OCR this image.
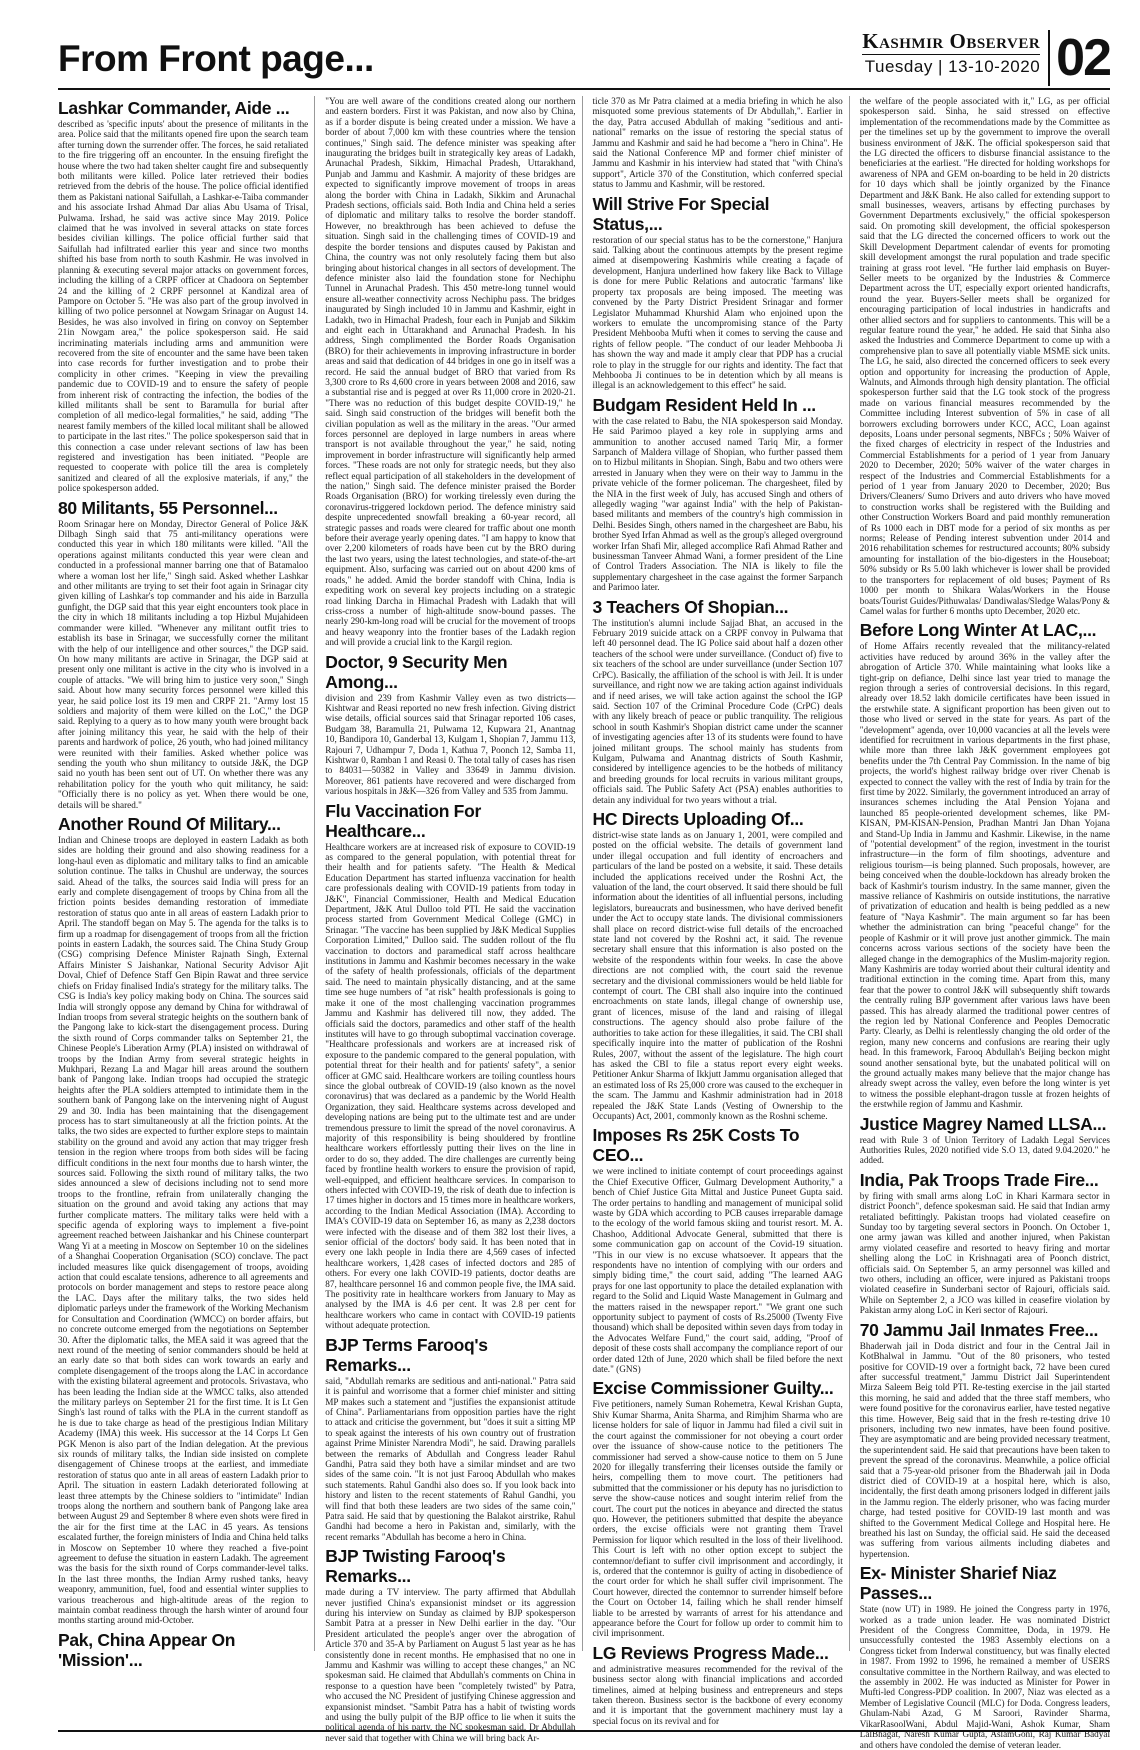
From Front page...	Kashmir Observer
Tuesday | 13-10-2020 02
Lashkar Commander, Aide ...

described as 'specific inputs' about the presence of militants in the area. Police said that the militants opened fire upon the search team after turning down the surrender offer. The forces, he said retaliated to the fire triggering off an encounter. In the ensuing firefight the house where the two had taken shelter caught fire and subsequently both militants were killed. Police later retrieved their bodies retrieved from the debris of the house. The police official identified them as Pakistani national Saifullah, a Lashkar-e-Taiba commander and his associate Irshad Ahmad Dar alias Abu Usama of Trisal, Pulwama. Irshad, he said was active since May 2019. Police claimed that he was involved in several attacks on state forces besides civilian killings. The police official further said that Saifullah had infiltrated earlier this year and since two months shifted his base from north to south Kashmir. He was involved in planning & executing several major attacks on government forces, including the killing of a CRPF officer at Chadoora on September 24 and the killing of 2 CRPF personnel at Kandizal area of Pampore on October 5. "He was also part of the group involved in killing of two police personnel at Nowgam Srinagar on August 14. Besides, he was also involved in firing on convoy on September 21in Nowgam area," the police spokesperson said. He said incriminating materials including arms and ammunition were recovered from the site of encounter and the same have been taken into case records for further investigation and to probe their complicity in other crimes. "Keeping in view the prevailing pandemic due to COVID-19 and to ensure the safety of people from inherent risk of contracting the infection, the bodies of the killed militants shall be sent to Baramulla for burial after completion of all medico-legal formalities," he said, adding "The nearest family members of the killed local militant shall be allowed to participate in the last rites." The police spokesperson said that in this connection a case under relevant sections of law has been registered and investigation has been initiated. "People are requested to cooperate with police till the area is completely sanitized and cleared of all the explosive materials, if any," the police spokesperson added.

80 Militants, 55 Personnel...

Room Srinagar here on Monday, Director General of Police J&K Dilbagh Singh said that 75 anti-militancy operations were conducted this year in which 180 militants were killed. "All the operations against militants conducted this year were clean and conducted in a professional manner barring one that of Batamaloo where a woman lost her life," Singh said. Asked whether Lashkar and other militants are trying to set their foot again in Srinagar city given killing of Lashkar's top commander and his aide in Barzulla gunfight, the DGP said that this year eight encounters took place in the city in which 18 militants including a top Hizbul Mujahideen commander were killed. "Whenever any militant outfit tries to establish its base in Srinagar, we successfully corner the militant with the help of our intelligence and other sources," the DGP said. On how many militants are active in Srinagar, the DGP said at present only one militant is active in the city who is involved in a couple of attacks. "We will bring him to justice very soon," Singh said. About how many security forces personnel were killed this year, he said police lost its 19 men and CRPF 21. "Army lost 15 soldiers and majority of them were killed on the LoC," the DGP said. Replying to a query as to how many youth were brought back after joining militancy this year, he said with the help of their parents and hardwork of police, 26 youth, who had joined militancy were reunited with their families. Asked whether police was sending the youth who shun militancy to outside J&K, the DGP said no youth has been sent out of UT. On whether there was any rehabilitation policy for the youth who quit militancy, he said: "Officially there is no policy as yet. When there would be one, details will be shared."

Another Round Of Military...

Indian and Chinese troops are deployed in eastern Ladakh as both sides are holding their ground and also showing readiness for a long-haul even as diplomatic and military talks to find an amicable solution continue. The talks in Chushul are underway, the sources said. Ahead of the talks, the sources said India will press for an early and complete disengagement of troops by China from all the friction points besides demanding restoration of immediate restoration of status quo ante in all areas of eastern Ladakh prior to April. The standoff began on May 5. The agenda for the talks is to firm up a roadmap for disengagement of troops from all the friction points in eastern Ladakh, the sources said. The China Study Group (CSG) comprising Defence Minister Rajnath Singh, External Affairs Minister S Jaishankar, National Security Advisor Ajit Doval, Chief of Defence Staff Gen Bipin Rawat and three service chiefs on Friday finalised India's strategy for the military talks. The CSG is India's key policy making body on China. The sources said India will strongly oppose any demand by China for withdrawal of Indian troops from several strategic heights on the southern bank of the Pangong lake to kick-start the disengagement process. During the sixth round of Corps commander talks on September 21, the Chinese People's Liberation Army (PLA) insisted on withdrawal of troops by the Indian Army from several strategic heights in Mukhpari, Rezang La and Magar hill areas around the southern bank of Pangong lake. Indian troops had occupied the strategic heights after the PLA soldiers attempted to intimidate them in the southern bank of Pangong lake on the intervening night of August 29 and 30. India has been maintaining that the disengagement process has to start simultaneously at all the friction points. At the talks, the two sides are expected to further explore steps to maintain stability on the ground and avoid any action that may trigger fresh tension in the region where troops from both sides will be facing difficult conditions in the next four months due to harsh winter, the sources said. Following the sixth round of military talks, the two sides announced a slew of decisions including not to send more troops to the frontline, refrain from unilaterally changing the situation on the ground and avoid taking any actions that may further complicate matters. The military talks were held with a specific agenda of exploring ways to implement a five-point agreement reached between Jaishankar and his Chinese counterpart Wang Yi at a meeting in Moscow on September 10 on the sidelines of a Shanghai Cooperation Organisation (SCO) conclave. The pact included measures like quick disengagement of troops, avoiding action that could escalate tensions, adherence to all agreements and protocols on border management and steps to restore peace along the LAC. Days after the military talks, the two sides held diplomatic parleys under the framework of the Working Mechanism for Consultation and Coordination (WMCC) on border affairs, but no concrete outcome emerged from the negotiations on September 30. After the diplomatic talks, the MEA said it was agreed that the next round of the meeting of senior commanders should be held at an early date so that both sides can work towards an early and complete disengagement of the troops along the LAC in accordance with the existing bilateral agreement and protocols. Srivastava, who has been leading the Indian side at the WMCC talks, also attended the military parleys on September 21 for the first time. It is Lt Gen Singh's last round of talks with the PLA in the current standoff as he is due to take charge as head of the prestigious Indian Military Academy (IMA) this week. His successor at the 14 Corps Lt Gen PGK Menon is also part of the Indian delegation. At the previous six rounds of military talks, the Indian side insisted on complete disengagement of Chinese troops at the earliest, and immediate restoration of status quo ante in all areas of eastern Ladakh prior to April. The situation in eastern Ladakh deteriorated following at least three attempts by the Chinese soldiers to "intimidate" Indian troops along the northern and southern bank of Pangong lake area between August 29 and September 8 where even shots were fired in the air for the first time at the LAC in 45 years. As tensions escalated further, the foreign ministers of India and China held talks in Moscow on September 10 where they reached a five-point agreement to defuse the situation in eastern Ladakh. The agreement was the basis for the sixth round of Corps commander-level talks. In the last three months, the Indian Army rushed tanks, heavy weaponry, ammunition, fuel, food and essential winter supplies to various treacherous and high-altitude areas of the region to maintain combat readiness through the harsh winter of around four months starting around mid-October.

Pak, China Appear On 'Mission'...

"You are well aware of the conditions created along our northern and eastern borders. First it was Pakistan, and now also by China, as if a border dispute is being created under a mission. We have a border of about 7,000 km with these countries where the tension continues," Singh said. The defence minister was speaking after inaugurating the bridges built in strategically key areas of Ladakh, Arunachal Pradesh, Sikkim, Himachal Pradesh, Uttarakhand, Punjab and Jammu and Kashmir. A majority of these bridges are expected to significantly improve movement of troops in areas along the border with China in Ladakh, Sikkim and Arunachal Pradesh sections, officials said. Both India and China held a series of diplomatic and military talks to resolve the border standoff. However, no breakthrough has been achieved to defuse the situation. Singh said in the challenging times of COVID-19 and despite the border tensions and disputes caused by Pakistan and China, the country was not only resolutely facing them but also bringing about historical changes in all sectors of development. The defence minister also laid the foundation stone for Nechiphu Tunnel in Arunachal Pradesh. This 450 metre-long tunnel would ensure all-weather connectivity across Nechiphu pass. The bridges inaugurated by Singh included 10 in Jammu and Kashmir, eight in Ladakh, two in Himachal Pradesh, four each in Punjab and Sikkim and eight each in Uttarakhand and Arunachal Pradesh. In his address, Singh complimented the Border Roads Organisation (BRO) for their achievements in improving infrastructure in border areas and said that dedication of 44 bridges in one go in itself was a record. He said the annual budget of BRO that varied from Rs 3,300 crore to Rs 4,600 crore in years between 2008 and 2016, saw a substantial rise and is pegged at over Rs 11,000 crore in 2020-21. "There was no reduction of this budget despite COVID-19," he said. Singh said construction of the bridges will benefit both the civilian population as well as the military in the areas. "Our armed forces personnel are deployed in large numbers in areas where transport is not available throughout the year," he said, noting improvement in border infrastructure will significantly help armed forces. "These roads are not only for strategic needs, but they also reflect equal participation of all stakeholders in the development of the nation," Singh said. The defence minister praised the Border Roads Organisation (BRO) for working tirelessly even during the coronavirus-triggered lockdown period. The defence ministry said despite unprecedented snowfall breaking a 60-year record, all strategic passes and roads were cleared for traffic about one month before their average yearly opening dates. "I am happy to know that over 2,200 kilometers of roads have been cut by the BRO during the last two years, using the latest technologies, and state-of-the-art equipment. Also, surfacing was carried out on about 4200 kms of roads," he added. Amid the border standoff with China, India is expediting work on several key projects including on a strategic road linking Darcha in Himachal Pradesh with Ladakh that will criss-cross a number of high-altitude snow-bound passes. The nearly 290-km-long road will be crucial for the movement of troops and heavy weaponry into the frontier bases of the Ladakh region and will provide a crucial link to the Kargil region.

Doctor, 9 Security Men Among...

division and 239 from Kashmir Valley even as two districts— Kishtwar and Reasi reported no new fresh infection. Giving district wise details, official sources said that Srinagar reported 106 cases, Budgam 38, Baramulla 21, Pulwama 12, Kupwara 21, Anantnag 10, Bandipora 10, Ganderbal 13, Kulgam 1, Shopian 7, Jammu 113, Rajouri 7, Udhampur 7, Doda 1, Kathua 7, Poonch 12, Samba 11, Kishtwar 0, Ramban 1 and Reasi 0. The total tally of cases has risen to 84031—50382 in Valley and 33649 in Jammu division. Moreover, 861 patients have recovered and were discharged from various hospitals in J&K—326 from Valley and 535 from Jammu.

Flu Vaccination For Healthcare...

Healthcare workers are at increased risk of exposure to COVID-19 as compared to the general population, with potential threat for their health and for patients safety. "The Health & Medical Education Department has started influenza vaccination for health care professionals dealing with COVID-19 patients from today in J&K", Financial Commissioner, Health and Medical Education Department, J&K Atul Dulloo told PTI. He said the vaccination process started from Government Medical College (GMC) in Srinagar. "The vaccine has been supplied by J&K Medical Supplies Corporation Limited," Dulloo said. The sudden rollout of the flu vaccination to doctors and paramedical staff across healthcare institutions in Jammu and Kashmir becomes necessary in the wake of the safety of health professionals, officials of the department said. The need to maintain physically distancing, and at the same time see huge numbers of "at risk" health professionals is going to make it one of the most challenging vaccination programmes Jammu and Kashmir has delivered till now, they added. The officials said the doctors, paramedics and other staff of the health institutes will have to go through suboptimal vaccination coverage. "Healthcare professionals and workers are at increased risk of exposure to the pandemic compared to the general population, with potential threat for their health and for patients' safety", a senior officer at GMC said. Healthcare workers are toiling countless hours since the global outbreak of COVID-19 (also known as the novel coronavirus) that was declared as a pandemic by the World Health Organization, they said. Healthcare systems across developed and developing nations are being put to the ultimate test and are under tremendous pressure to limit the spread of the novel coronavirus. A majority of this responsibility is being shouldered by frontline healthcare workers effortlessly putting their lives on the line in order to do so, they added. The dire challenges are currently being faced by frontline health workers to ensure the provision of rapid, well-equipped, and efficient healthcare services. In comparison to others infected with COVID-19, the risk of death due to infection is 17 times higher in doctors and 15 times more in healthcare workers, according to the Indian Medical Association (IMA). According to IMA's COVID-19 data on September 16, as many as 2,238 doctors were infected with the disease and of them 382 lost their lives, a senior official of the doctors' body said. It has been noted that in every one lakh people in India there are 4,569 cases of infected healthcare workers, 1,428 cases of infected doctors and 285 of others. For every one lakh COVID-19 patients, doctor deaths are 87, healthcare personnel 16 and common people five, the IMA said. The positivity rate in healthcare workers from January to May as analysed by the IMA is 4.6 per cent. It was 2.8 per cent for healthcare workers who came in contact with COVID-19 patients without adequate protection.

BJP Terms Farooq's Remarks...

said, "Abdullah remarks are seditious and anti-national." Patra said it is painful and worrisome that a former chief minister and sitting MP makes such a statement and "justifies the expansionist attitude of China". Parliamentarians from opposition parties have the right to attack and criticise the government, but "does it suit a sitting MP to speak against the interests of his own country out of frustration against Prime Minister Narendra Modi", he said. Drawing parallels between the remarks of Abdullah and Congress leader Rahul Gandhi, Patra said they both have a similar mindset and are two sides of the same coin. "It is not just Farooq Abdullah who makes such statements. Rahul Gandhi also does so. If you look back into history and listen to the recent statements of Rahul Gandhi, you will find that both these leaders are two sides of the same coin," Patra said. He said that by questioning the Balakot airstrike, Rahul Gandhi had become a hero in Pakistan and, similarly, with the recent remarks "Abdullah has become a hero in China.

BJP Twisting Farooq's Remarks...

made during a TV interview. The party affirmed that Abdullah never justified China's expansionist mindset or its aggression during his interview on Sunday as claimed by BJP spokesperson Sambit Patra at a presser in New Delhi earlier in the day. "Our President articulated the people's anger over the abrogation of Article 370 and 35-A by Parliament on August 5 last year as he has consistently done in recent months. He emphasised that no one in Jammu and Kashmir was willing to accept these changes," an NC spokesman said. He claimed that Abdullah's comments on China in response to a question have been "completely twisted" by Patra, who accused the NC President of justifying Chinese aggression and expansionist mindset. "Sambit Patra has a habit of twisting words and using the bully pulpit of the BJP office to lie when it suits the political agenda of his party, the NC spokesman said. Dr Abdullah never said that together with China we will bring back Ar-

ticle 370 as Mr Patra claimed at a media briefing in which he also misquoted some previous statements of Dr Abdullah,". Earlier in the day, Patra accused Abdullah of making "seditious and anti-national" remarks on the issue of restoring the special status of Jammu and Kashmir and said he had become a "hero in China". He said the National Conference MP and former chief minister of Jammu and Kashmir in his interview had stated that "with China's support", Article 370 of the Constitution, which conferred special status to Jammu and Kashmir, will be restored.

Will Strive For Special Status,...

restoration of our special status has to be the cornerstone," Hanjura said. Talking about the continuous attempts by the present regime aimed at disempowering Kashmiris while creating a façade of development, Hanjura underlined how fakery like Back to Village is done for mere Public Relations and autocratic 'farmans' like property tax proposals are being imposed. The meeting was convened by the Party District President Srinagar and former Legislator Muhammad Khurshid Alam who enjoined upon the workers to emulate the uncompromising stance of the Party President Mehbooba Mufti when it comes to serving the cause and rights of fellow people. "The conduct of our leader Mehbooba Ji has shown the way and made it amply clear that PDP has a crucial role to play in the struggle for our rights and identity. The fact that Mehbooba Ji continues to be in detention which by all means is illegal is an acknowledgement to this effect" he said.

Budgam Resident Held In ...

with the case related to Babu, the NIA spokesperson said Monday. He said Parimoo played a key role in supplying arms and ammunition to another accused named Tariq Mir, a former Sarpanch of Maldera village of Shopian, who further passed them on to Hizbul militants in Shopian. Singh, Babu and two others were arrested in January when they were on their way to Jammu in the private vehicle of the former policeman. The chargesheet, filed by the NIA in the first week of July, has accused Singh and others of allegedly waging "war against India" with the help of Pakistan-based militants and members of the country's high commission in Delhi. Besides Singh, others named in the chargesheet are Babu, his brother Syed Irfan Ahmad as well as the group's alleged overground worker Irfan Shafi Mir, alleged accomplice Rafi Ahmad Rather and businessman Tanveer Ahmad Wani, a former president of the Line of Control Traders Association. The NIA is likely to file the supplementary chargesheet in the case against the former Sarpanch and Parimoo later.

3 Teachers Of Shopian...

The institution's alumni include Sajjad Bhat, an accused in the February 2019 suicide attack on a CRPF convoy in Pulwama that left 40 personnel dead. The IG Police said about half a dozen other teachers of the school were under surveillance. (Conduct of) five to six teachers of the school are under surveillance (under Section 107 CrPC). Basically, the affiliation of the school is with Jeil. It is under surveillance, and right now we are taking action against individuals and if need arises, we will take action against the school the IGP said. Section 107 of the Criminal Procedure Code (CrPC) deals with any likely breach of peace or public tranquility. The religious school in south Kashmir's Shopian district came under the scanner of investigating agencies after 13 of its students were found to have joined militant groups. The school mainly has students from Kulgam, Pulwama and Anantnag districts of South Kashmir, considered by intelligence agencies to be the hotbeds of militancy and breeding grounds for local recruits in various militant groups, officials said. The Public Safety Act (PSA) enables authorities to detain any individual for two years without a trial.

HC Directs Uploading Of...

district-wise state lands as on January 1, 2001, were compiled and posted on the official website. The details of government land under illegal occupation and full identity of encroachers and particulars of the land be posted on a website, it said. These details included the applications received under the Roshni Act, the valuation of the land, the court observed. It said there should be full information about the identities of all influential persons, including legislators, bureaucrats and businessmen, who have derived benefit under the Act to occupy state lands. The divisional commissioners shall place on record district-wise full details of the encroached state land not covered by the Roshni act, it said. The revenue secretary shall ensure that this information is also posted on the website of the respondents within four weeks. In case the above directions are not complied with, the court said the revenue secretary and the divisional commissioners would be held liable for contempt of court. The CBI shall also inquire into the continued encroachments on state lands, illegal change of ownership use, grant of licences, misuse of the land and raising of illegal constructions. The agency should also probe failure of the authorities to take action for these illegalities, it said. The CBI shall specifically inquire into the matter of publication of the Roshni Rules, 2007, without the assent of the legislature. The high court has asked the CBI to file a status report every eight weeks. Petitioner Ankur Sharma of Ikkjutt Jammu organisation alleged that an estimated loss of Rs 25,000 crore was caused to the exchequer in the scam. The Jammu and Kashmir administration had in 2018 repealed the J&K State Lands (Vesting of Ownership to the Occupants) Act, 2001, commonly known as the Roshni scheme.

Imposes Rs 25K Costs To CEO...

we were inclined to initiate contempt of court proceedings against the Chief Executive Officer, Gulmarg Development Authority," a bench of Chief Justice Gita Mittal and Justice Puneet Gupta said. The order pertains to handling and management of municipal solid waste by GDA which according to PCB causes irreparable damage to the ecology of the world famous skiing and tourist resort. M. A. Chashoo, Additional Advocate General, submitted that there is some communication gap on account of the Covid-19 situation. "This in our view is no excuse whatsoever. It appears that the respondents have no intention of complying with our orders and simply biding time," the court said, adding "The learned AAG prays for one last opportunity to place the detailed explanation with regard to the Solid and Liquid Waste Management in Gulmarg and the matters raised in the newspaper report." "We grant one such opportunity subject to payment of costs of Rs.25000 (Twenty Five thousand) which shall be deposited within seven days from today in the Advocates Welfare Fund," the court said, adding, "Proof of deposit of these costs shall accompany the compliance report of our order dated 12th of June, 2020 which shall be filed before the next date." (GNS)

Excise Commissioner Guilty...

Five petitioners, namely Suman Rohemetra, Kewal Krishan Gupta, Shiv Kumar Sharma, Anita Sharma, and Rimjhim Sharma who are license holders for sale of liquor in Jammu had filed a civil suit in the court against the commissioner for not obeying a court order over the issuance of show-cause notice to the petitioners The commissioner had served a show-cause notice to them on 5 June 2020 for illegally transferring their licenses outside the family or heirs, compelling them to move court. The petitioners had submitted that the commissioner or his deputy has no jurisdiction to serve the show-cause notices and sought interim relief from the court. The court put the notices in abeyance and directed the status quo. However, the petitioners submitted that despite the abeyance orders, the excise officials were not granting them Travel Permission for liquor which resulted in the loss of their livelihood. This Court is left with no other option except to subject the contemnor/defiant to suffer civil imprisonment and accordingly, it is, ordered that the contemnor is guilty of acting in disobedience of the court order for which he shall suffer civil imprisonment. The Court however, directed the contemnor to surrender himself before the Court on October 14, failing which he shall render himself liable to be arrested by warrants of arrest for his attendance and appearance before the Court for follow up order to commit him to civil imprisonment.

LG Reviews Progress Made...

and administrative measures recommended for the revival of the business sector along with financial implications and accorded timelines, aimed at helping business and entrepreneurs and steps taken thereon. Business sector is the backbone of every economy and it is important that the government machinery must lay a special focus on its revival and for

the welfare of the people associated with it," LG, as per official spokesperson said. Sinha, he said stressed on effective implementation of the recommendations made by the Committee as per the timelines set up by the government to improve the overall business environment of J&K. The official spokesperson said that the LG directed the officers to disburse financial assistance to the beneficiaries at the earliest. "He directed for holding workshops for awareness of NPA and GEM on-boarding to be held in 20 districts for 10 days which shall be jointly organized by the Finance Department and J&K Bank. He also called for extending support to small businesses, weavers, artisans by effecting purchases by Government Departments exclusively," the official spokesperson said. On promoting skill development, the official spokesperson said that the LG directed the concerned officers to work out the Skill Development Department calendar of events for promoting skill development amongst the rural population and trade specific training at grass root level. "He further laid emphasis on Buyer-Seller meets to be organized by the Industries & Commerce Department across the UT, especially export oriented handicrafts, round the year. Buyers-Seller meets shall be organized for encouraging participation of local industries in handicrafts and other allied sectors and for suppliers to cantonments. This will be a regular feature round the year," he added. He said that Sinha also asked the Industries and Commerce Department to come up with a comprehensive plan to save all potentially viable MSME sick units. The LG, he said, also directed the concerned officers to seek every option and opportunity for increasing the production of Apple, Walnuts, and Almonds through high density plantation. The official spokesperson further said that the LG took stock of the progress made on various financial measures recommended by the Committee including Interest subvention of 5% in case of all borrowers excluding borrowers under KCC, ACC, Loan against deposits, Loans under personal segments, NBFCs ; 50% Waiver of the fixed charges of electricity in respect of the Industries and Commercial Establishments for a period of 1 year from January 2020 to December, 2020; 50% waiver of the water charges in respect of the Industries and Commercial Establishments for a period of 1 year from January 2020 to December, 2020; Bus Drivers/Cleaners/ Sumo Drivers and auto drivers who have moved to construction works shall be registered with the Building and other Construction Workers Board and paid monthly remuneration of Rs 1000 each in DBT mode for a period of six months as per norms; Release of Pending interest subvention under 2014 and 2016 rehabilitation schemes for restructured accounts; 80% subsidy amounting for installation of the bio-digesters in the Houseboat; 50% subsidy or Rs 5.00 lakh whichever is lower shall be provided to the transporters for replacement of old buses; Payment of Rs 1000 per month to Shikara Walas/Workers in the House boats/Tourist Guides/Pithuwalas/ Dandiwalas/Sledge Walas/Pony & Camel walas for further 6 months upto December, 2020 etc.

Before Long Winter At LAC,...

of Home Affairs recently revealed that the militancy-related activities have reduced by around 36% in the valley after the abrogation of Article 370. While maintaining what looks like a tight-grip on defiance, Delhi since last year tried to manage the region through a series of controversial decisions. In this regard, already over 18.52 lakh domicile certificates have been issued in the erstwhile state. A significant proportion has been given out to those who lived or served in the state for years. As part of the "development" agenda, over 10,000 vacancies at all the levels were identified for recruitment in various departments in the first phase, while more than three lakh J&K government employees got benefits under the 7th Central Pay Commission. In the name of big projects, the world's highest railway bridge over river Chenab is expected to connect the valley with the rest of India by train for the first time by 2022. Similarly, the government introduced an array of insurances schemes including the Atal Pension Yojana and launched 85 people-oriented development schemes, like PM-KISAN, PM-KISAN-Pension, Pradhan Mantri Jan Dhan Yojana and Stand-Up India in Jammu and Kashmir. Likewise, in the name of "potential development" of the region, investment in the tourist infrastructure—in the form of film shootings, adventure and religious tourism—is being planned. Such proposals, however, are being conceived when the double-lockdown has already broken the back of Kashmir's tourism industry. In the same manner, given the massive reliance of Kashmiris on outside institutions, the narrative of privatization of education and health is being peddled as a new feature of "Naya Kashmir". The main argument so far has been whether the administration can bring "peaceful change" for the people of Kashmir or it will prove just another gimmick. The main concerns across various sections of the society have been the alleged change in the demographics of the Muslim-majority region. Many Kashmiris are today worried about their cultural identity and traditional extinction in the coming time. Apart from this, many fear that the power to control J&K will subsequently shift towards the centrally ruling BJP government after various laws have been passed. This has already alarmed the traditional power centres of the region led by National Conference and Peoples Democratic Party. Clearly, as Delhi is relentlessly changing the old order of the region, many new concerns and confusions are rearing their ugly head. In this framework, Farooq Abdullah's Beijing beckon might sound another sensational byte, but the unabated political will on the ground actually makes many believe that the major change has already swept across the valley, even before the long winter is yet to witness the possible elephant-dragon tussle at frozen heights of the erstwhile region of Jammu and Kashmir.

Justice Magrey Named LLSA...

read with Rule 3 of Union Territory of Ladakh Legal Services Authorities Rules, 2020 notified vide S.O 13, dated 9.04.2020." he added.

India, Pak Troops Trade Fire...

by firing with small arms along LoC in Khari Karmara sector in district Poonch", defence spokesman said. He said that Indian army retaliated befittingly. Pakistan troops had violated ceasefire on Sunday too by targeting several sectors in Poonch. On October 1, one army jawan was killed and another injured, when Pakistan army violated ceasefire and resorted to heavy firing and mortar shelling along the LoC in Krishnagati area of Poonch district, officials said. On September 5, an army personnel was killed and two others, including an officer, were injured as Pakistani troops violated ceasefire in Sunderbani sector of Rajouri, officials said. While on September 2, a JCO was killed in ceasefire violation by Pakistan army along LoC in Keri sector of Rajouri.

70 Jammu Jail Inmates Free...

Bhaderwah jail in Doda district and four in the Central Jail in KotBhalwal in Jammu. "Out of the 80 prisoners, who tested positive for COVID-19 over a fortnight back, 72 have been cured after successful treatment," Jammu District Jail Superintendent Mirza Saleem Beig told PTI. Re-testing exercise in the jail started this morning, he said and added that the three staff members, who were found positive for the coronavirus earlier, have tested negative this time. However, Beig said that in the fresh re-testing drive 10 prisoners, including two new inmates, have been found positive. They are asymptomatic and are being provided necessary treatment, the superintendent said. He said that precautions have been taken to prevent the spread of the coronavirus. Meanwhile, a police official said that a 75-year-old prisoner from the Bhaderwah jail in Doda district died of COVID-19 at a hospital here, which is also, incidentally, the first death among prisoners lodged in different jails in the Jammu region. The elderly prisoner, who was facing murder charge, had tested positive for COVID-19 last month and was shifted to the Government Medical College and Hospital here. He breathed his last on Sunday, the official said. He said the deceased was suffering from various ailments including diabetes and hypertension.

Ex- Minister Sharief Niaz Passes...

State (now UT) in 1989. He joined the Congress party in 1976, worked as a trade union leader. He was nominated District President of the Congress Committee, Doda, in 1979. He unsuccessfully contested the 1983 Assembly elections on a Congress ticket from Inderwal constituency, but was finally elected in 1987. From 1992 to 1996, he remained a member of USERS consultative committee in the Northern Railway, and was elected to the assembly in 2002. He was inducted as Minister for Power in Mufti-led Congress-PDP coalition. In 2007, Niaz was elected as a Member of Legislative Council (MLC) for Doda. Congress leaders, Ghulam-Nabi Azad, G M Saroori, Ravinder Sharma, VikarRasoolWani, Abdul Majid-Wani, Ashok Kumar, Sham LalBhagat, Naresh Kumar Gupta, AslamGoni, Raj Kumar Badyal and others have condoled the demise of veteran leader.
